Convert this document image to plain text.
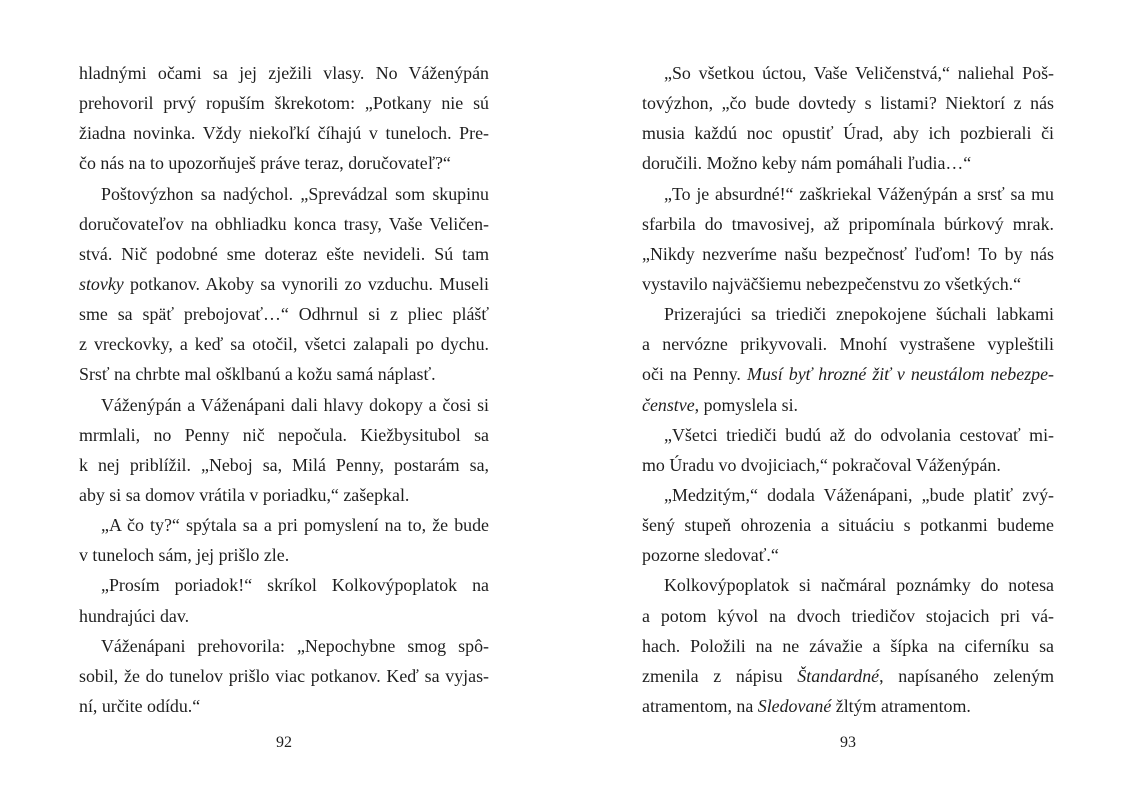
hladnými očami sa jej zježili vlasy. No Váženýpán
prehovoril prvý ropuším škrekotom: „Potkany nie sú
žiadna novinka. Vždy niekoľkí číhajú v tuneloch. Pre-
čo nás na to upozorňuješ práve teraz, doručovateľ?“
Poštovýzhon sa nadýchol. „Sprevádzal som skupinu
doručovateľov na obhliadku konca trasy, Vaše Veličen-
stvá. Nič podobné sme doteraz ešte nevideli. Sú tam
stovky potkanov. Akoby sa vynorili zo vzduchu. Museli
sme sa späť prebojovať…“ Odhrnul si z pliec plášť
z vreckovky, a keď sa otočil, všetci zalapali po dychu.
Srsť na chrbte mal ošklbanú a kožu samá náplasť.
Váženýpán a Váženápani dali hlavy dokopy a čosi si
mrmlali, no Penny nič nepočula. Kiežbysitubol sa
k nej priblížil. „Neboj sa, Milá Penny, postarám sa,
aby si sa domov vrátila v poriadku,“ zašepkal.
„A čo ty?“ spýtala sa a pri pomyslení na to, že bude
v tuneloch sám, jej prišlo zle.
„Prosím poriadok!“ skríkol Kolkovýpoplatok na
hundrajúci dav.
Váženápani prehovorila: „Nepochybne smog spô-
sobil, že do tunelov prišlo viac potkanov. Keď sa vyjas-
ní, určite odídu.“
92
„So všetkou úctou, Vaše Veličenstvá,“ naliehal Poš-
tovýzhon, „čo bude dovtedy s listami? Niektorí z nás
musia každú noc opustiť Úrad, aby ich pozbierali či
doručili. Možno keby nám pomáhali ľudia…“
„To je absurdné!“ zaškriekal Váženýpán a srsť sa mu
sfarbila do tmavosivej, až pripomínala búrkový mrak.
„Nikdy nezveríme našu bezpečnosť ľuďom! To by nás
vystavilo najväčšiemu nebezpečenstvu zo všetkých.“
Prizerajúci sa triediči znepokojene šúchali labkami
a nervózne prikyvovali. Mnohí vystrašene vypleštili
oči na Penny. Musí byť hrozné žiť v neustálom nebezpe-
čenstve, pomyslela si.
„Všetci triediči budú až do odvolania cestovať mi-
mo Úradu vo dvojiciach,“ pokračoval Váženýpán.
„Medzitým,“ dodala Váženápani, „bude platiť zvý-
šený stupeň ohrozenia a situáciu s potkanmi budeme
pozorne sledovať.“
Kolkovýpoplatok si načmáral poznámky do notesa
a potom kývol na dvoch triedičov stojacich pri vá-
hach. Položili na ne závažie a šípka na ciferníku sa
zmenila z nápisu Štandardné, napísaného zeleným
atramentom, na Sledované žltým atramentom.
93
